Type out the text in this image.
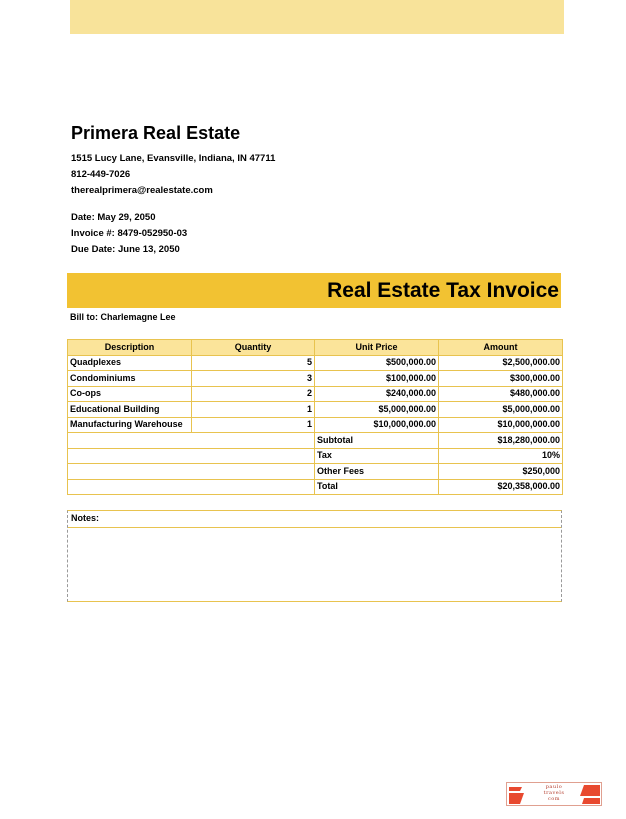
Primera Real Estate
1515 Lucy Lane, Evansville, Indiana, IN 47711
812-449-7026
therealprimera@realestate.com
Date: May 29, 2050
Invoice #: 8479-052950-03
Due Date: June 13, 2050
Real Estate Tax Invoice
Bill to: Charlemagne Lee
Description	Quantity	Unit Price	Amount
Quadplexes	5	$500,000.00	$2,500,000.00
Condominiums	3	$100,000.00	$300,000.00
Co-ops	2	$240,000.00	$480,000.00
Educational Building	1	$5,000,000.00	$5,000,000.00
Manufacturing Warehouse	1	$10,000,000.00	$10,000,000.00
		Subtotal	$18,280,000.00
		Tax	10%
		Other Fees	$250,000
		Total	$20,358,000.00
Notes:
paulo
travels
com
